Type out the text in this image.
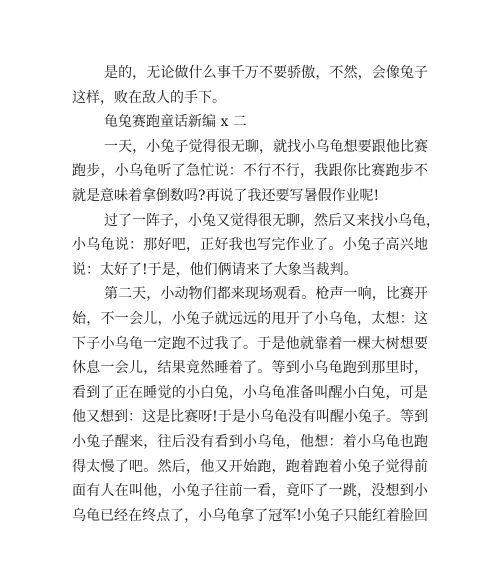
是的，无论做什么事千万不要骄傲，不然，会像兔子
这样，败在敌人的手下。

龟兔赛跑童话新编 x 二

一天，小兔子觉得很无聊，就找小乌龟想要跟他比赛
跑步，小乌龟听了急忙说：不行不行，我跟你比赛跑步不
就是意味着拿倒数吗?再说了我还要写暑假作业呢!

过了一阵子，小兔又觉得很无聊，然后又来找小乌龟，
小乌龟说：那好吧，正好我也写完作业了。小兔子高兴地
说：太好了!于是，他们俩请来了大象当裁判。

第二天，小动物们都来现场观看。枪声一响，比赛开
始，不一会儿，小兔子就远远的甩开了小乌龟，太想：这
下子小乌龟一定跑不过我了。于是他就靠着一棵大树想要
休息一会儿，结果竟然睡着了。等到小乌龟跑到那里时，
看到了正在睡觉的小白兔，小乌龟准备叫醒小白兔，可是
他又想到：这是比赛呀!于是小乌龟没有叫醒小兔子。等到
小兔子醒来，往后没有看到小乌龟，他想：着小乌龟也跑
得太慢了吧。然后，他又开始跑，跑着跑着小兔子觉得前
面有人在叫他，小兔子往前一看，竟吓了一跳，没想到小
乌龟已经在终点了，小乌龟拿了冠军!小兔子只能红着脸回
